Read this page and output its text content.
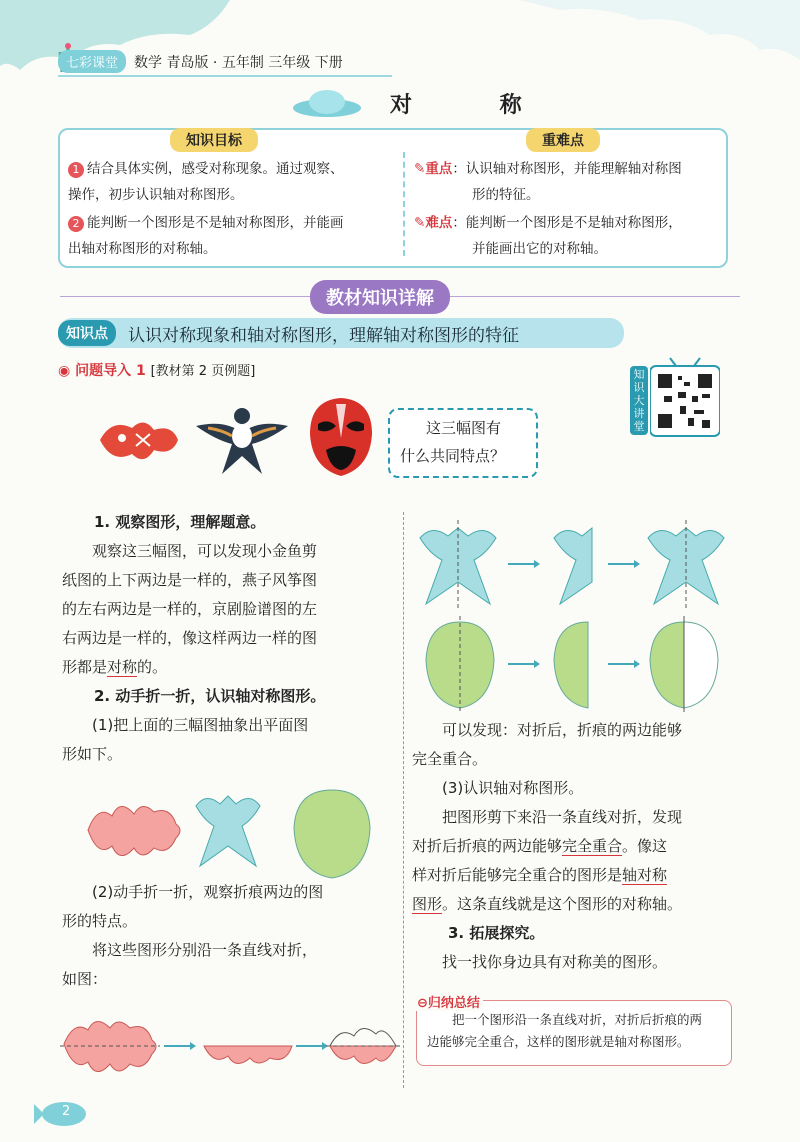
七彩课堂	数学 青岛版 · 五年制 三年级 下册
对 称
知识目标	重难点
1 结合具体实例，感受对称现象。通过观察、
操作，初步认识轴对称图形。
2 能判断一个图形是不是轴对称图形，并能画
出轴对称图形的对称轴。
✎重点：认识轴对称图形，并能理解轴对称图
形的特征。
✎难点：能判断一个图形是不是轴对称图形，
并能画出它的对称轴。
教材知识详解
知识点	认识对称现象和轴对称图形，理解轴对称图形的特征
◉ 问题导入 1 [教材第 2 页例题]	知识大讲堂
这三幅图有
什么共同特点？

1. 观察图形，理解题意。

观察这三幅图，可以发现小金鱼剪

纸图的上下两边是一样的，燕子风筝图

的左右两边是一样的，京剧脸谱图的左

右两边是一样的，像这样两边一样的图

形都是对称的。

2. 动手折一折，认识轴对称图形。

(1)把上面的三幅图抽象出平面图

形如下。

(2)动手折一折，观察折痕两边的图

形的特点。

将这些图形分别沿一条直线对折，

如图：

可以发现：对折后，折痕的两边能够

完全重合。

(3)认识轴对称图形。

把图形剪下来沿一条直线对折，发现

对折后折痕的两边能够完全重合。像这

样对折后能够完全重合的图形是轴对称

图形。这条直线就是这个图形的对称轴。

3. 拓展探究。

找一找你身边具有对称美的图形。

把一个图形沿一条直线对折，对折后折痕的两
边能够完全重合，这样的图形就是轴对称图形。
⊖归纳总结
2
